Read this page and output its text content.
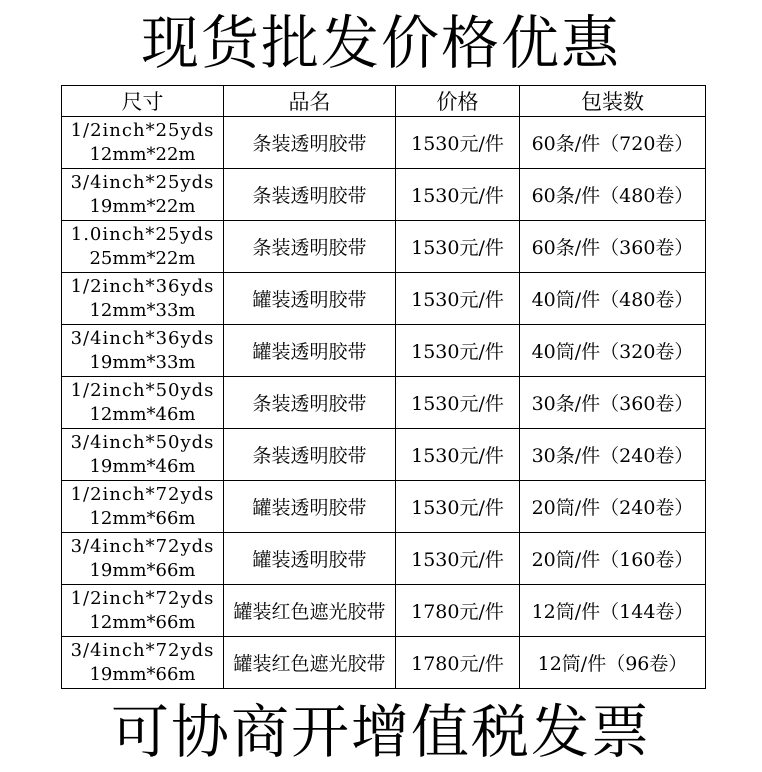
现货批发价格优惠
尺寸	品名	价格	包装数

1/2inch*25yds
12mm*22m	条装透明胶带	1530元/件	60条/件（720卷）

3/4inch*25yds
19mm*22m	条装透明胶带	1530元/件	60条/件（480卷）

1.0inch*25yds
25mm*22m	条装透明胶带	1530元/件	60条/件（360卷）

1/2inch*36yds
12mm*33m	罐装透明胶带	1530元/件	40筒/件（480卷）

3/4inch*36yds
19mm*33m	罐装透明胶带	1530元/件	40筒/件（320卷）

1/2inch*50yds
12mm*46m	条装透明胶带	1530元/件	30条/件（360卷）

3/4inch*50yds
19mm*46m	条装透明胶带	1530元/件	30条/件（240卷）

1/2inch*72yds
12mm*66m	罐装透明胶带	1530元/件	20筒/件（240卷）

3/4inch*72yds
19mm*66m	罐装透明胶带	1530元/件	20筒/件（160卷）

1/2inch*72yds
12mm*66m	罐装红色遮光胶带	1780元/件	12筒/件（144卷）

3/4inch*72yds
19mm*66m	罐装红色遮光胶带	1780元/件	12筒/件（96卷）
可协商开增值税发票
